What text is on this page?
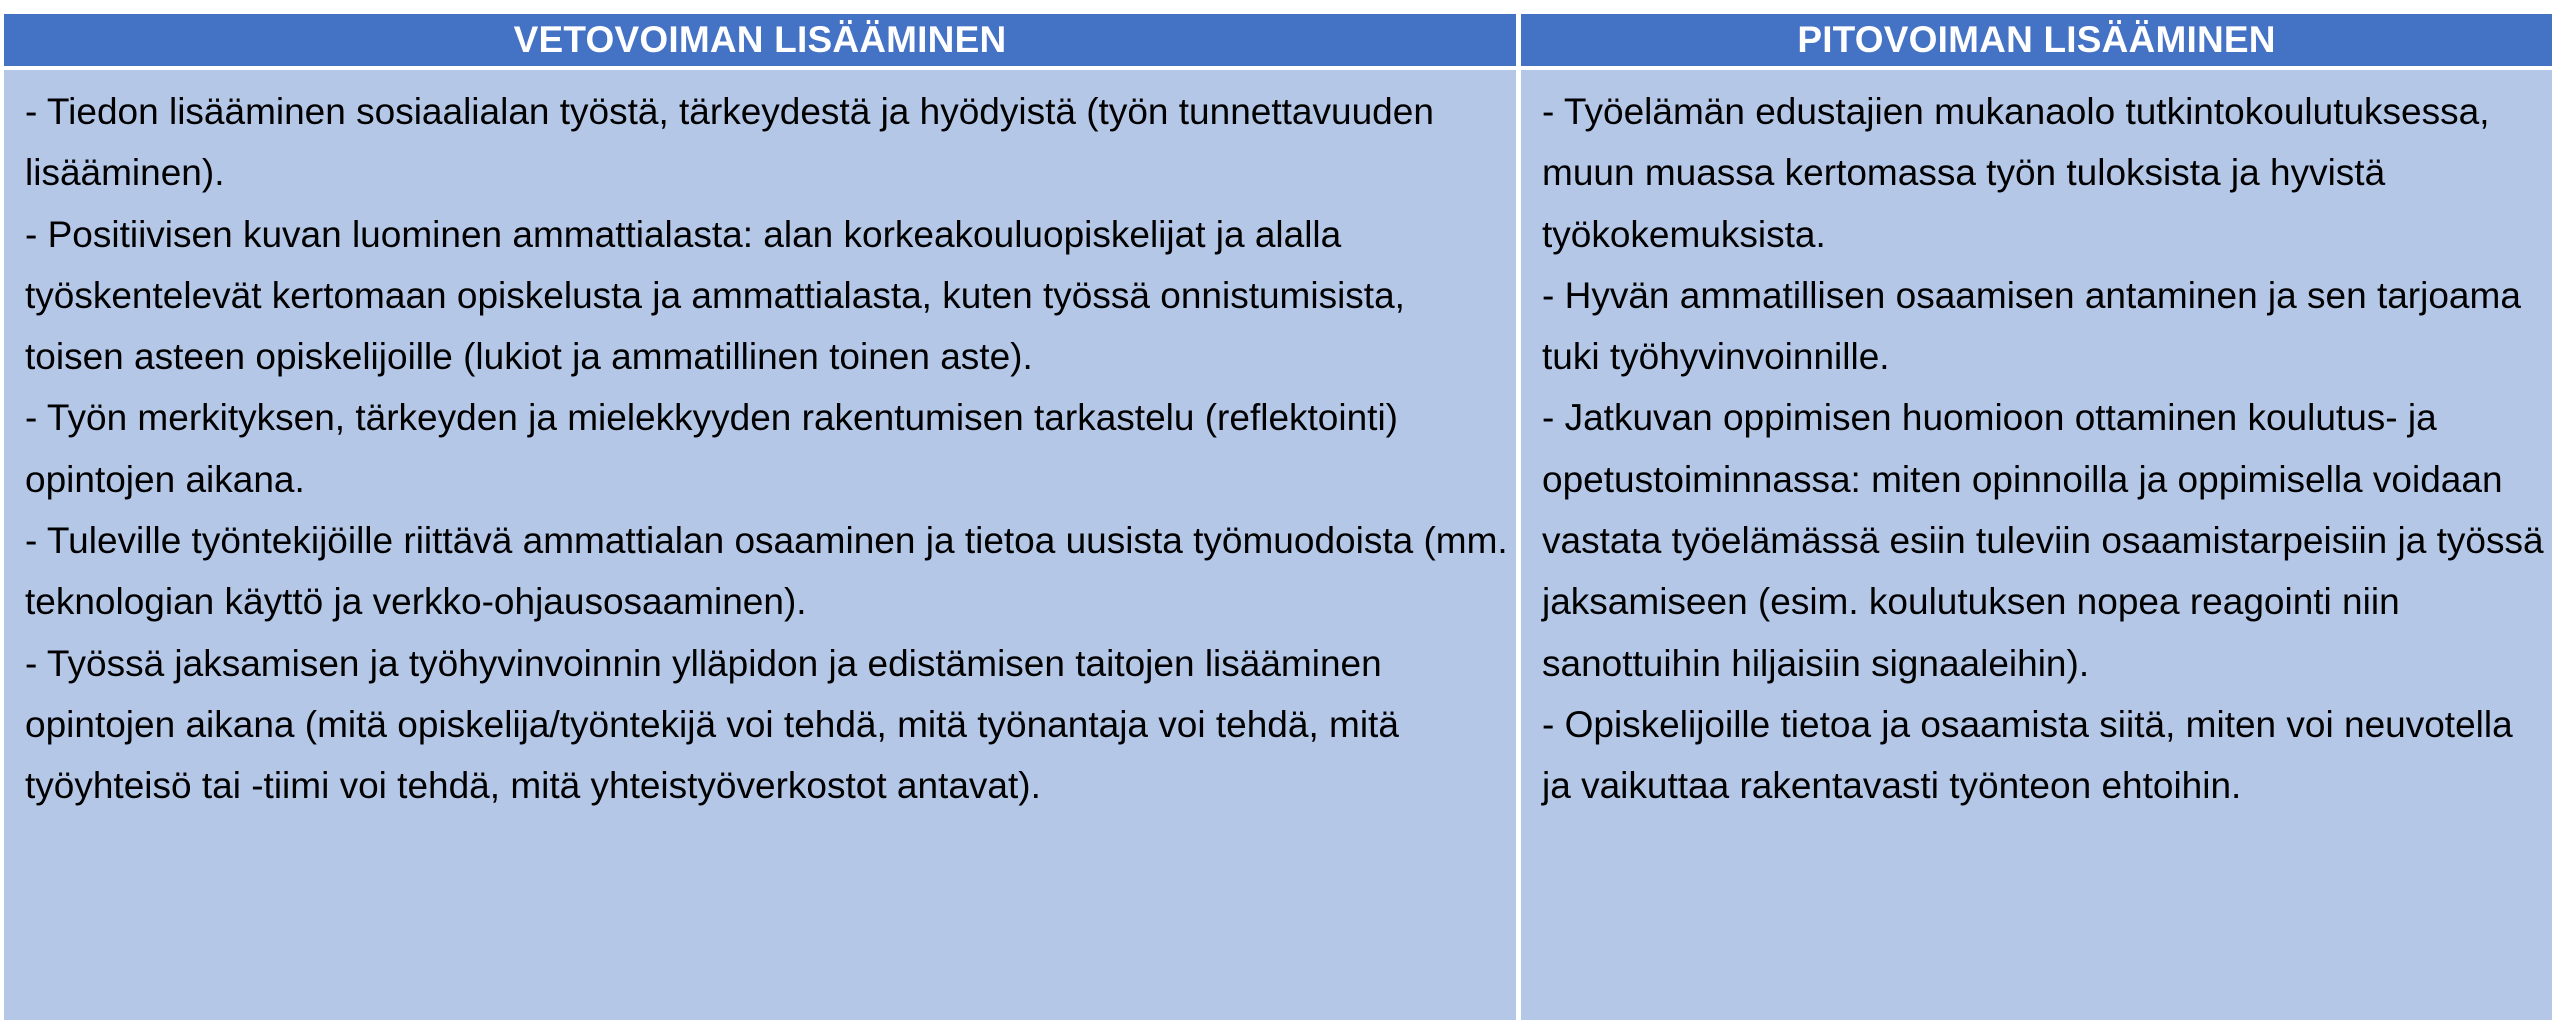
VETOVOIMAN LISÄÄMINEN	PITOVOIMAN LISÄÄMINEN

- Tiedon lisääminen sosiaalialan työstä, tärkeydestä ja hyödyistä (työn tunnettavuuden lisääminen).

- Positiivisen kuvan luominen ammattialasta: alan korkeakouluopiskelijat ja alalla työskentelevät kertomaan opiskelusta ja ammattialasta, kuten työssä onnistumisista, toisen asteen opiskelijoille (lukiot ja ammatillinen toinen aste).

- Työn merkityksen, tärkeyden ja mielekkyyden rakentumisen tarkastelu (reflektointi) opintojen aikana.

- Tuleville työntekijöille riittävä ammattialan osaaminen ja tietoa uusista työmuodoista (mm. teknologian käyttö ja verkko-ohjausosaaminen).

- Työssä jaksamisen ja työhyvinvoinnin ylläpidon ja edistämisen taitojen lisääminen opintojen aikana (mitä opiskelija/työntekijä voi tehdä, mitä työnantaja voi tehdä, mitä työyhteisö tai -tiimi voi tehdä, mitä yhteistyöverkostot antavat).

- Työelämän edustajien mukanaolo tutkintokoulutuksessa, muun muassa kertomassa työn tuloksista ja hyvistä työkokemuksista.

- Hyvän ammatillisen osaamisen antaminen ja sen tarjoama tuki työhyvinvoinnille.

- Jatkuvan oppimisen huomioon ottaminen koulutus- ja opetustoiminnassa: miten opinnoilla ja oppimisella voidaan vastata työelämässä esiin tuleviin osaamistarpeisiin ja työssä jaksamiseen (esim. koulutuksen nopea reagointi niin sanottuihin hiljaisiin signaaleihin).

- Opiskelijoille tietoa ja osaamista siitä, miten voi neuvotella ja vaikuttaa rakentavasti työnteon ehtoihin.
